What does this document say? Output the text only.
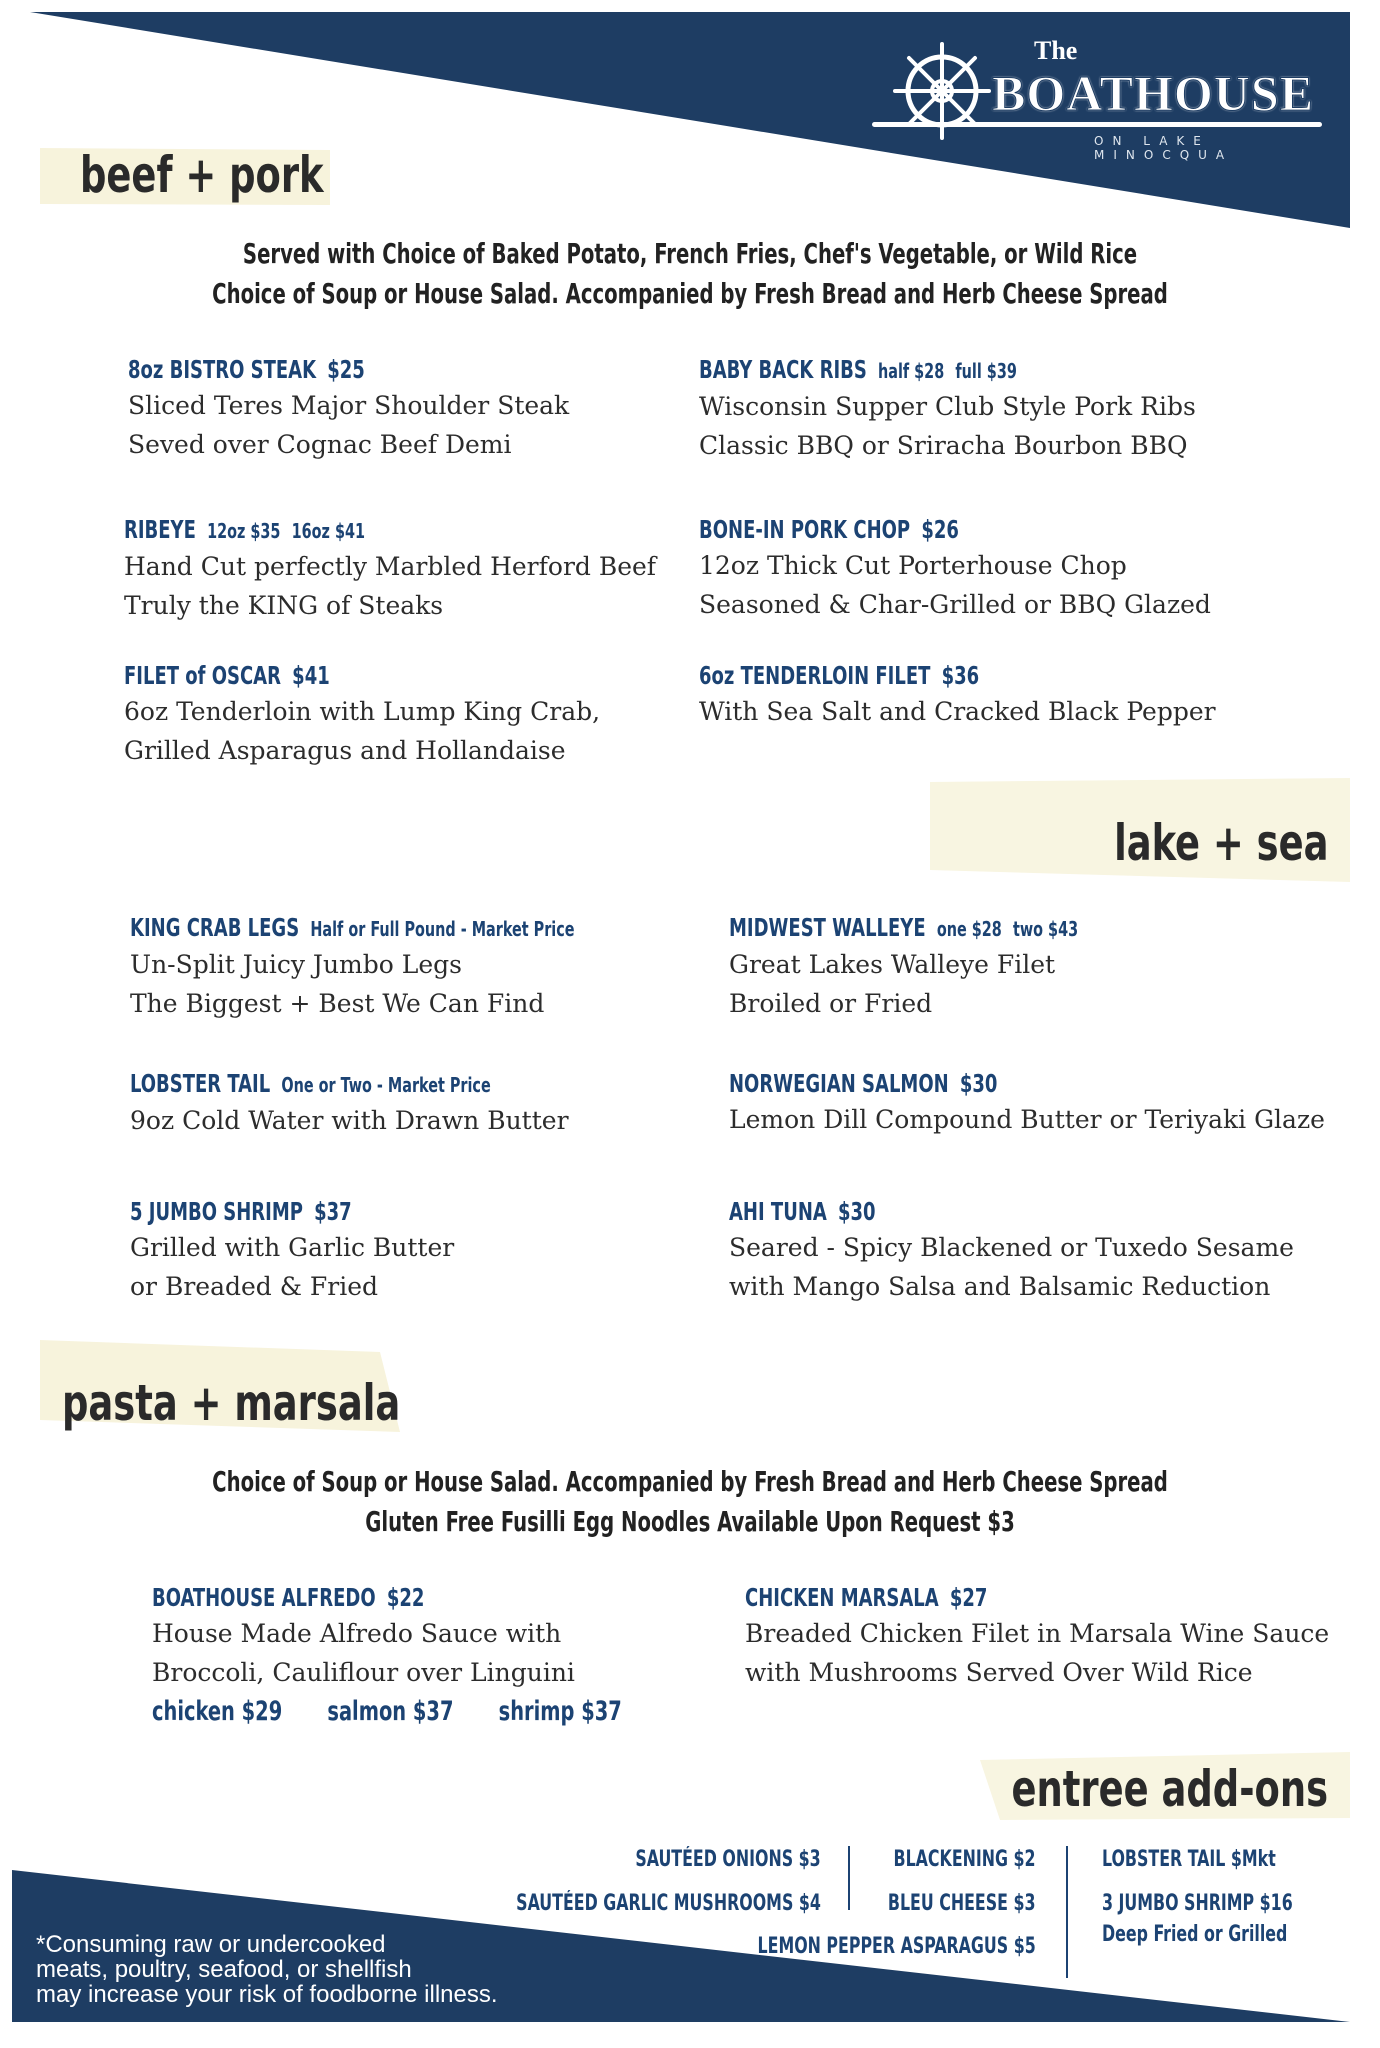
The
BOATHOUSE
ON LAKE MINOCQUA
beef + pork
Served with Choice of Baked Potato, French Fries, Chef's Vegetable, or Wild Rice
Choice of Soup or House Salad. Accompanied by Fresh Bread and Herb Cheese Spread
8oz BISTRO STEAK $25
Sliced Teres Major Shoulder Steak
Seved over Cognac Beef Demi
BABY BACK RIBS half $28 full $39
Wisconsin Supper Club Style Pork Ribs
Classic BBQ or Sriracha Bourbon BBQ
RIBEYE 12oz $35 16oz $41
Hand Cut perfectly Marbled Herford Beef
Truly the KING of Steaks
BONE-IN PORK CHOP $26
12oz Thick Cut Porterhouse Chop
Seasoned & Char-Grilled or BBQ Glazed
FILET of OSCAR $41
6oz Tenderloin with Lump King Crab,
Grilled Asparagus and Hollandaise
6oz TENDERLOIN FILET $36
With Sea Salt and Cracked Black Pepper
lake + sea
KING CRAB LEGS Half or Full Pound - Market Price
Un-Split Juicy Jumbo Legs
The Biggest + Best We Can Find
MIDWEST WALLEYE one $28 two $43
Great Lakes Walleye Filet
Broiled or Fried
LOBSTER TAIL One or Two - Market Price
9oz Cold Water with Drawn Butter
NORWEGIAN SALMON $30
Lemon Dill Compound Butter or Teriyaki Glaze
5 JUMBO SHRIMP $37
Grilled with Garlic Butter
or Breaded & Fried
AHI TUNA $30
Seared - Spicy Blackened or Tuxedo Sesame
with Mango Salsa and Balsamic Reduction
pasta + marsala
Choice of Soup or House Salad. Accompanied by Fresh Bread and Herb Cheese Spread
Gluten Free Fusilli Egg Noodles Available Upon Request $3
BOATHOUSE ALFREDO $22
House Made Alfredo Sauce with
Broccoli, Cauliflour over Linguini
chicken $29 salmon $37 shrimp $37
CHICKEN MARSALA $27
Breaded Chicken Filet in Marsala Wine Sauce
with Mushrooms Served Over Wild Rice
entree add-ons
SAUTÉED ONIONS $3
SAUTÉED GARLIC MUSHROOMS $4
BLACKENING $2
BLEU CHEESE $3
LEMON PEPPER ASPARAGUS $5
LOBSTER TAIL $Mkt
3 JUMBO SHRIMP $16
Deep Fried or Grilled
*Consuming raw or undercooked
meats, poultry, seafood, or shellfish
may increase your risk of foodborne illness.
